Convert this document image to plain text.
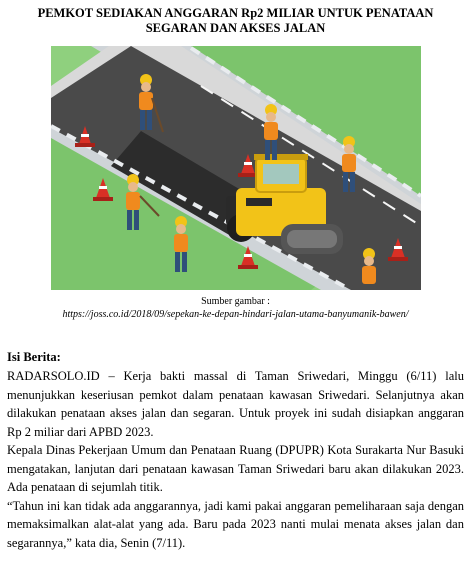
PEMKOT SEDIAKAN ANGGARAN Rp2 MILIAR UNTUK PENATAAN
SEGARAN DAN AKSES JALAN
Sumber gambar :
https://joss.co.id/2018/09/sepekan-ke-depan-hindari-jalan-utama-banyumanik-bawen/
Isi Berita:

RADARSOLO.ID – Kerja bakti massal di Taman Sriwedari, Minggu (6/11) lalu menunjukkan keseriusan pemkot dalam penataan kawasan Sriwedari. Selanjutnya akan dilakukan penataan akses jalan dan segaran. Untuk proyek ini sudah disiapkan anggaran Rp 2 miliar dari APBD 2023.

Kepala Dinas Pekerjaan Umum dan Penataan Ruang (DPUPR) Kota Surakarta Nur Basuki mengatakan, lanjutan dari penataan kawasan Taman Sriwedari baru akan dilakukan 2023. Ada penataan di sejumlah titik.

“Tahun ini kan tidak ada anggarannya, jadi kami pakai anggaran pemeliharaan saja dengan memaksimalkan alat-alat yang ada. Baru pada 2023 nanti mulai menata akses jalan dan segarannya,” kata dia, Senin (7/11).
